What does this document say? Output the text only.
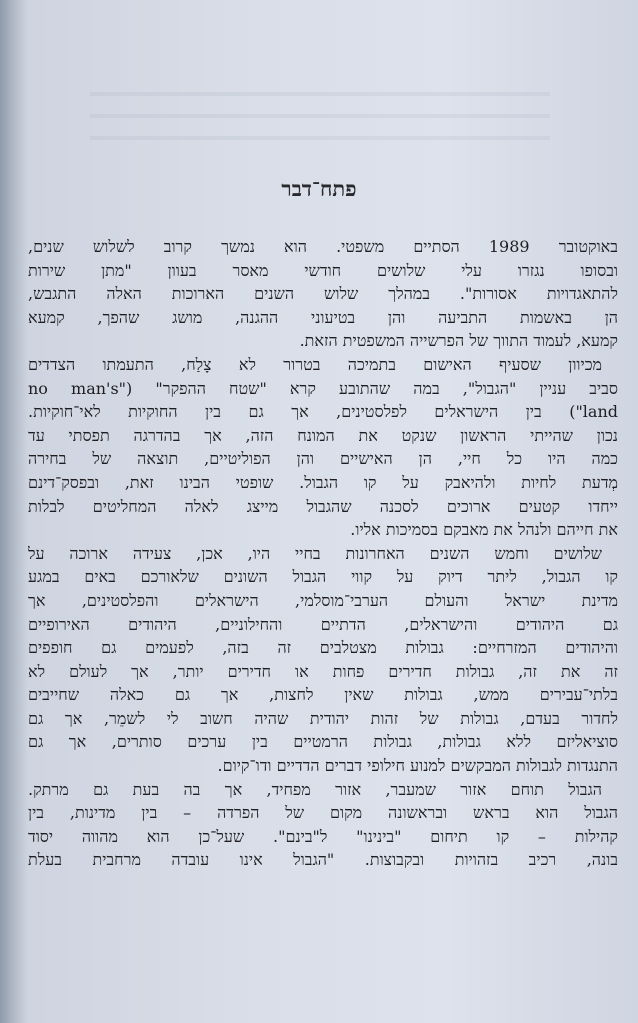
פתח־דבר
באוקטובר 1989 הסתיים משפטי. הוא נמשך קרוב לשלוש שנים,
ובסופו נגזרו עלי שלושים חודשי מאסר בעוון "מתן שירות
להתאגדויות אסורות". במהלך שלוש השנים הארוכות האלה התגבש,
הן באשמות התביעה והן בטיעוני ההגנה, מושג שהפך, קמעא
קמעא, לעמוד התווך של הפרשייה המשפטית הזאת.
מכיוון שסעיף האישום בתמיכה בטרור לא צָלַח, התעמתו הצדדים
סביב עניין "הגבול", במה שהתובע קרא "שטח ההפקר" ("no man's
land") בין הישראלים לפלסטינים, אך גם בין החוקיות לאי־חוקיות.
נכון שהייתי הראשון שנקט את המונח הזה, אך בהדרגה תפסתי עד
כמה היו כל חיי, הן האישיים והן הפוליטיים, תוצאה של בחירה
מְדעת לחיות ולהיאבק על קו הגבול. שופטי הבינו זאת, ובפסק־דינם
ייחדו קטעים ארוכים לסכנה שהגבול מייצג לאלה המחליטים לבלות
את חייהם ולנהל את מאבקם בסמיכות אליו.
שלושים וחמש השנים האחרונות בחיי היו, אכן, צעידה ארוכה על
קו הגבול, ליתר דיוק על קווי הגבול השונים שלאורכם באים במגע
מדינת ישראל והעולם הערבי־מוסלמי, הישראלים והפלסטינים, אך
גם היהודים והישראלים, הדתיים והחילוניים, היהודים האירופיים
והיהודים המזרחיים: גבולות מצטלבים זה בזה, לפעמים גם חופפים
זה את זה, גבולות חדירים פחות או חדירים יותר, אך לעולם לא
בלתי־עבירים ממש, גבולות שאין לחצות, אך גם כאלה שחייבים
לחדור בעדם, גבולות של זהות יהודית שהיה חשוב לי לשמֵר, אך גם
סוציאליזם ללא גבולות, גבולות הרמטיים בין ערכים סותרים, אך גם
התנגדות לגבולות המבקשים למנוע חילופי דברים הדדיים ודו־קיום.
הגבול תוחם אזור שמעבר, אזור מפחיד, אך בה בעת גם מרתק.
הגבול הוא בראש ובראשונה מקום של הפרדה – בין מדינות, בין
קהילות – קו תיחום "בינינו" ל"בינם". שעל־כן הוא מהווה יסוד
בונה, רכיב בזהויות ובקבוצות. "הגבול אינו עובדה מרחבית בעלת
